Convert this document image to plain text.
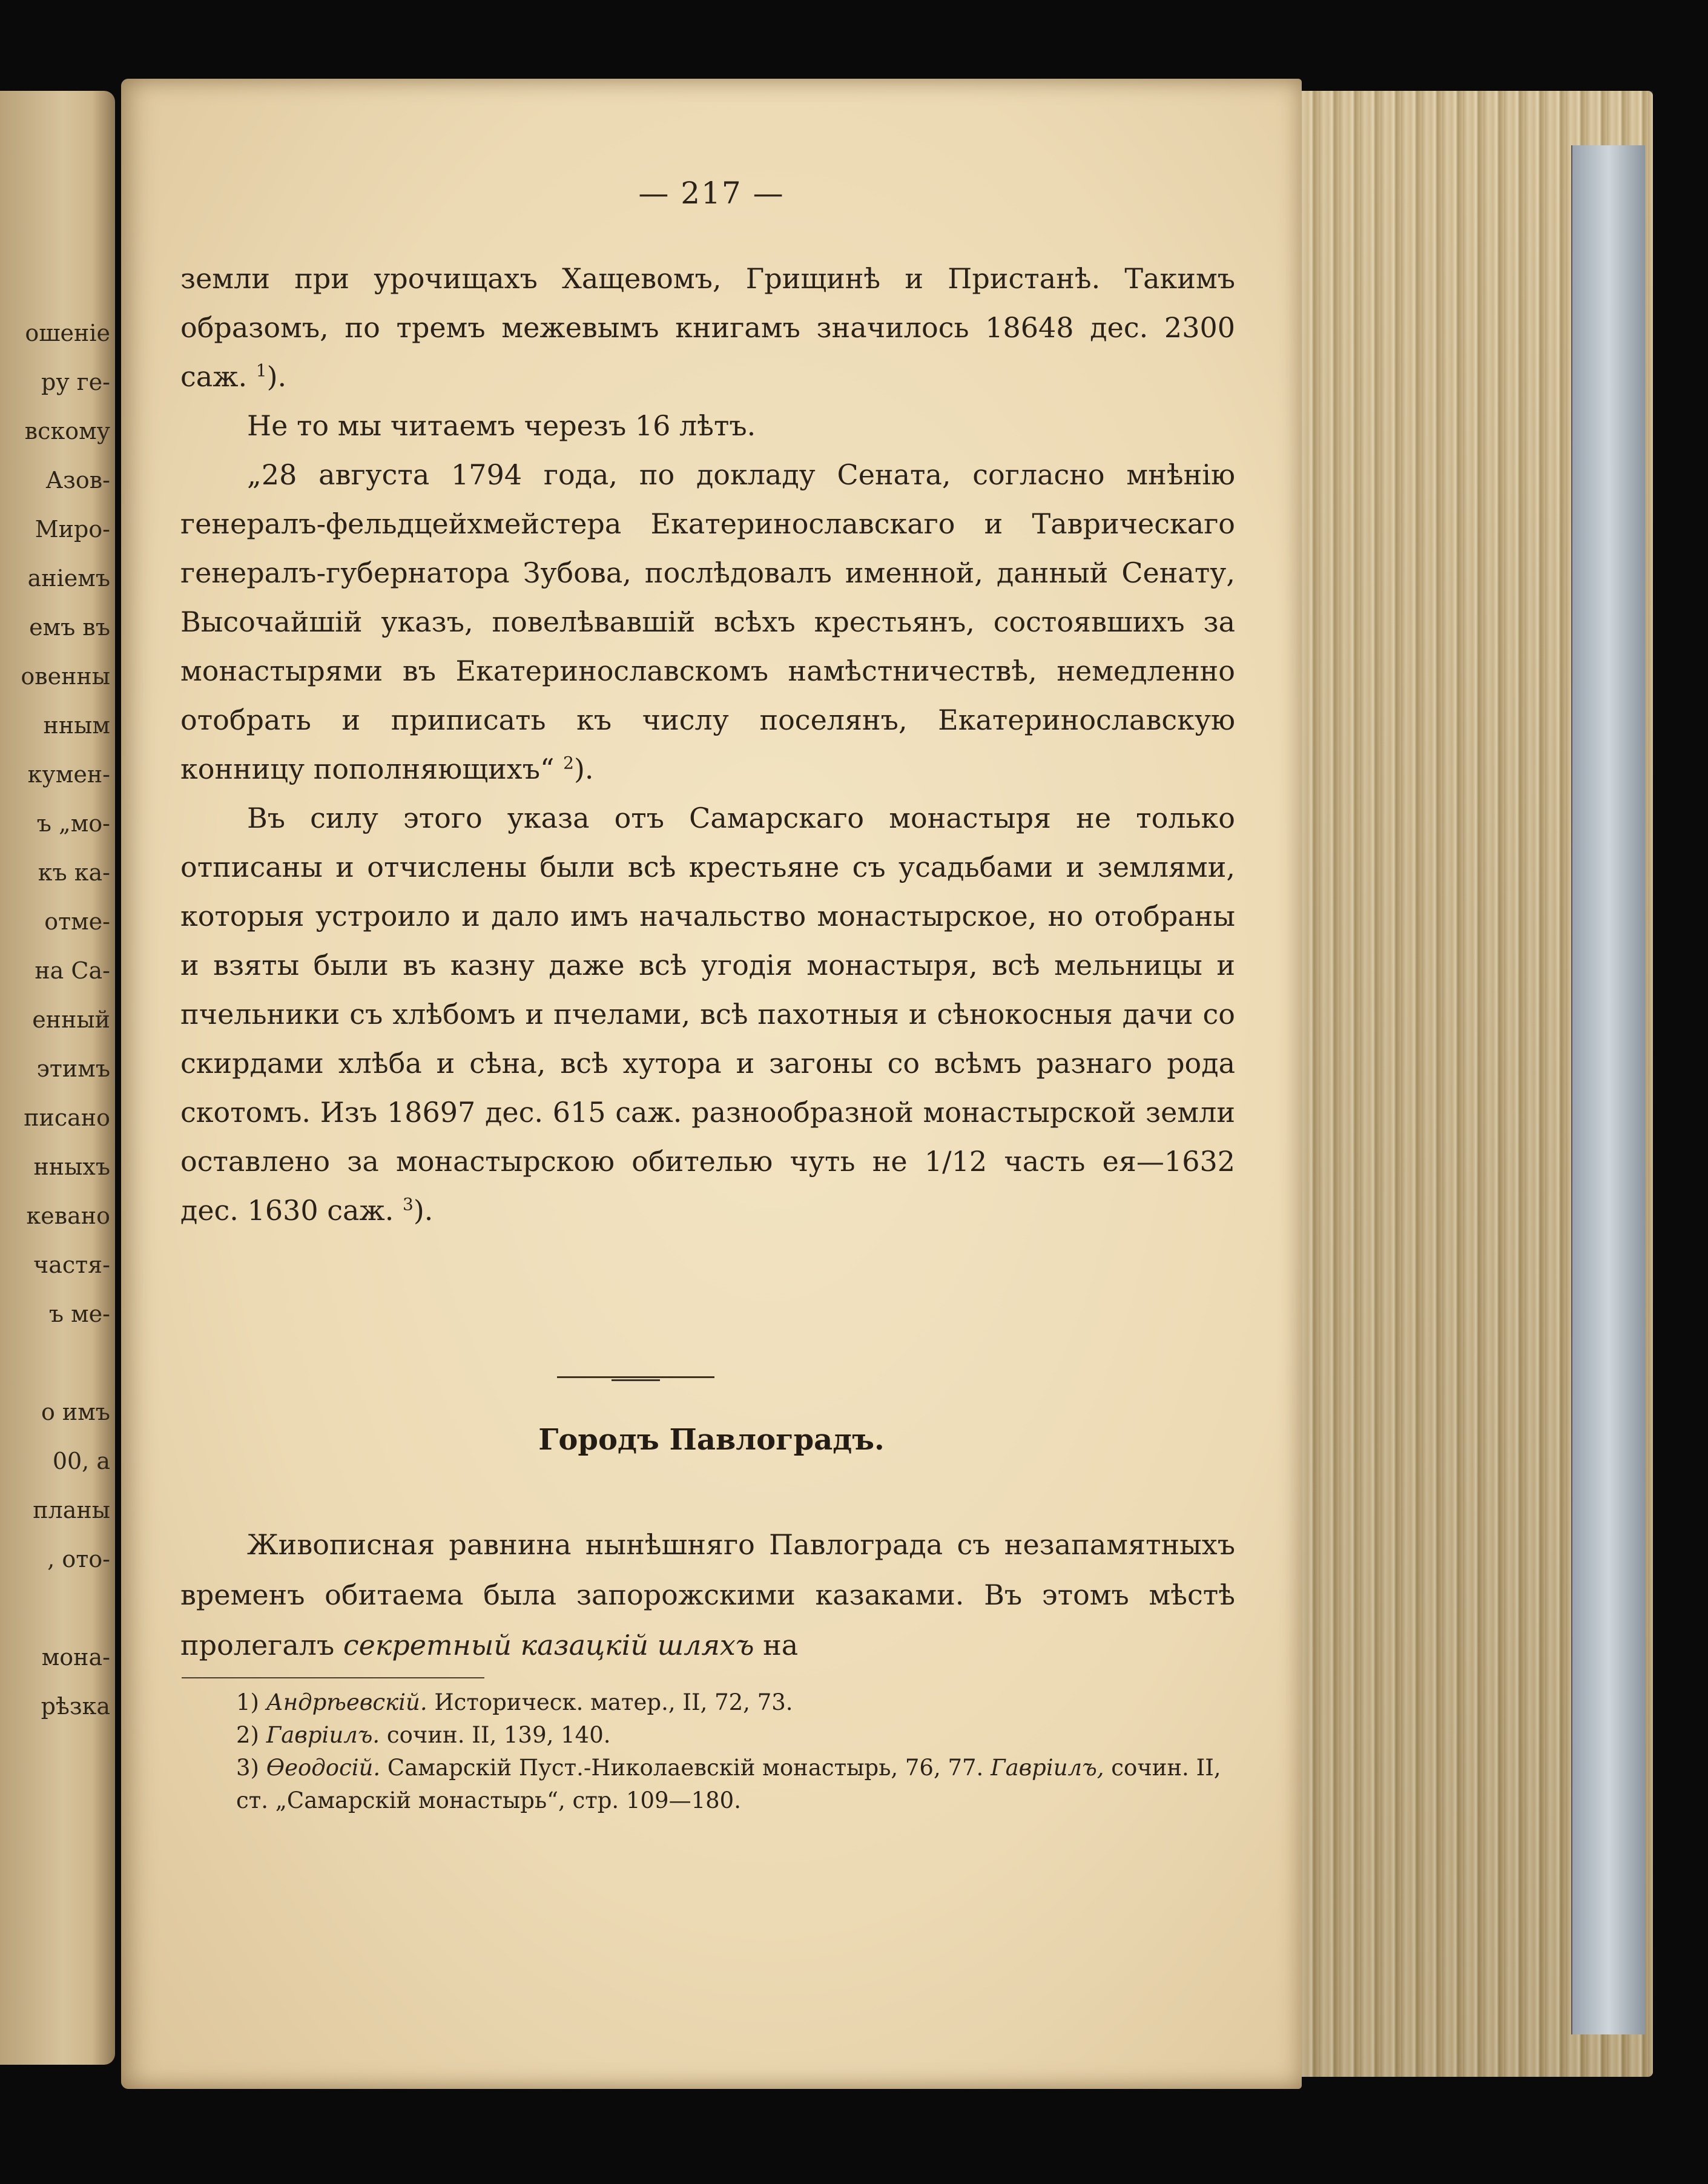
ошеніе
ру ге-
вскому
Азов-
Миро-
аніемъ
емъ въ
овенны
нным
кумен-
ъ „мо-
къ ка-
отме-
на Са-
енный
этимъ
писано
нныхъ
кевано
частя-
ъ ме-

о имъ
00, а
планы
, ото-

мона-
рѣзка
— 217 —

земли при урочищахъ Хащевомъ, Грищинѣ и Пристанѣ. Такимъ образомъ, по тремъ межевымъ книгамъ значилось 18648 дес. 2300 саж. $^1$).

Не то мы читаемъ черезъ 16 лѣтъ.

„28 августа 1794 года, по докладу Сената, согласно мнѣнію генералъ-фельдцейхмейстера Екатеринославскаго и Таврическаго генералъ-губернатора Зубова, послѣдовалъ именной, данный Сенату, Высочайшій указъ, повелѣвавшій всѣхъ крестьянъ, состоявшихъ за монастырями въ Екатеринославскомъ намѣстничествѣ, немедленно отобрать и приписать къ числу поселянъ, Екатеринославскую конницу пополняющихъ“ $^2$).

Въ силу этого указа отъ Самарскаго монастыря не только отписаны и отчислены были всѣ крестьяне съ усадьбами и землями, которыя устроило и дало имъ начальство монастырское, но отобраны и взяты были въ казну даже всѣ угодія монастыря, всѣ мельницы и пчельники съ хлѣбомъ и пчелами, всѣ пахотныя и сѣнокосныя дачи со скирдами хлѣба и сѣна, всѣ хутора и загоны со всѣмъ разнаго рода скотомъ. Изъ 18697 дес. 615 саж. разнообразной монастырской земли оставлено за монастырскою обителью чуть не 1/12 часть ея—1632 дес. 1630 саж. $^3$).

Городъ Павлоградъ.

Живописная равнина нынѣшняго Павлограда съ незапамятныхъ временъ обитаема была запорожскими казаками. Въ этомъ мѣстѣ пролегалъ секретный казацкій шляхъ на

1) Андрѣевскій. Историческ. матер., II, 72, 73.

2) Гавріилъ. сочин. II, 139, 140.

3) Ѳеодосій. Самарскій Пуст.-Николаевскій монастырь, 76, 77. Гавріилъ, сочин. II, ст. „Самарскій монастырь“, стр. 109—180.
